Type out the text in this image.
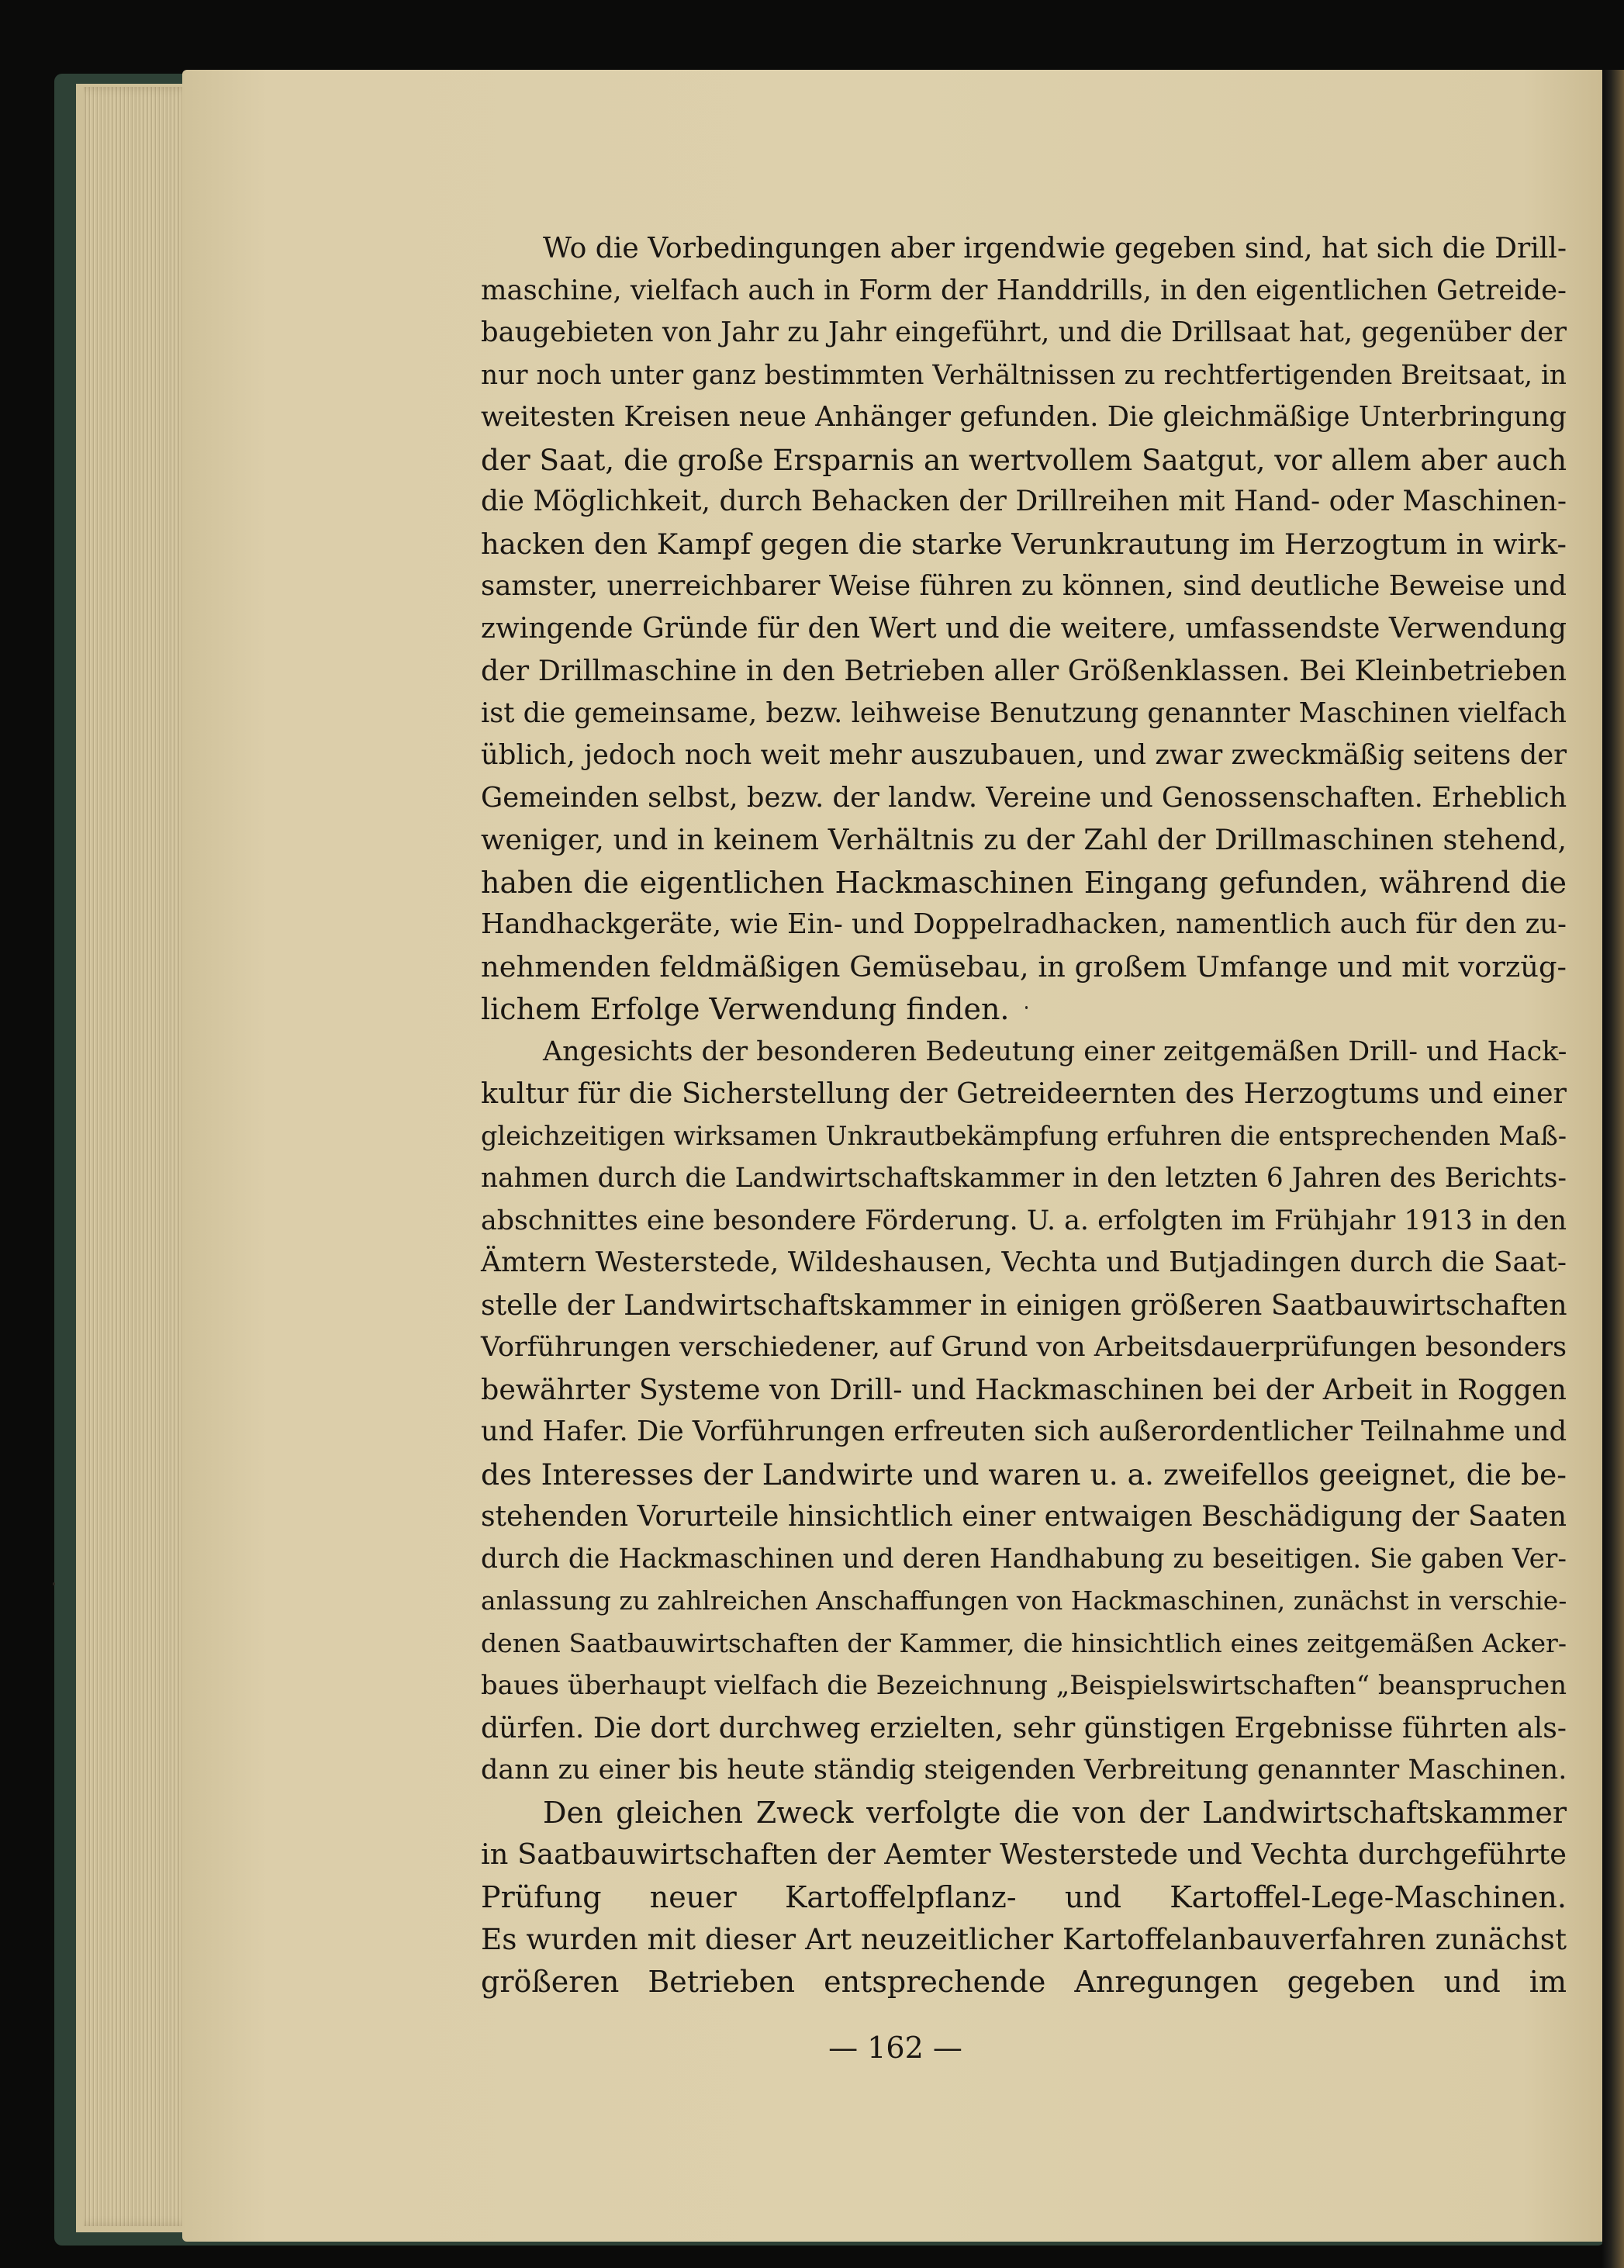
Wo die Vorbedingungen aber irgendwie gegeben sind, hat sich die Drill-
maschine, vielfach auch in Form der Handdrills, in den eigentlichen Getreide-
baugebieten von Jahr zu Jahr eingeführt, und die Drillsaat hat, gegenüber der
nur noch unter ganz bestimmten Verhältnissen zu rechtfertigenden Breitsaat, in
weitesten Kreisen neue Anhänger gefunden. Die gleichmäßige Unterbringung
der Saat, die große Ersparnis an wertvollem Saatgut, vor allem aber auch
die Möglichkeit, durch Behacken der Drillreihen mit Hand- oder Maschinen-
hacken den Kampf gegen die starke Verunkrautung im Herzogtum in wirk-
samster, unerreichbarer Weise führen zu können, sind deutliche Beweise und
zwingende Gründe für den Wert und die weitere, umfassendste Verwendung
der Drillmaschine in den Betrieben aller Größenklassen. Bei Kleinbetrieben
ist die gemeinsame, bezw. leihweise Benutzung genannter Maschinen vielfach
üblich, jedoch noch weit mehr auszubauen, und zwar zweckmäßig seitens der
Gemeinden selbst, bezw. der landw. Vereine und Genossenschaften. Erheblich
weniger, und in keinem Verhältnis zu der Zahl der Drillmaschinen stehend,
haben die eigentlichen Hackmaschinen Eingang gefunden, während die
Handhackgeräte, wie Ein- und Doppelradhacken, namentlich auch für den zu-
nehmenden feldmäßigen Gemüsebau, in großem Umfange und mit vorzüg-
lichem Erfolge Verwendung finden.
Angesichts der besonderen Bedeutung einer zeitgemäßen Drill- und Hack-
kultur für die Sicherstellung der Getreideernten des Herzogtums und einer
gleichzeitigen wirksamen Unkrautbekämpfung erfuhren die entsprechenden Maß-
nahmen durch die Landwirtschaftskammer in den letzten 6 Jahren des Berichts-
abschnittes eine besondere Förderung. U. a. erfolgten im Frühjahr 1913 in den
Ämtern Westerstede, Wildeshausen, Vechta und Butjadingen durch die Saat-
stelle der Landwirtschaftskammer in einigen größeren Saatbauwirtschaften
Vorführungen verschiedener, auf Grund von Arbeitsdauerprüfungen besonders
bewährter Systeme von Drill- und Hackmaschinen bei der Arbeit in Roggen
und Hafer. Die Vorführungen erfreuten sich außerordentlicher Teilnahme und
des Interesses der Landwirte und waren u. a. zweifellos geeignet, die be-
stehenden Vorurteile hinsichtlich einer entwaigen Beschädigung der Saaten
durch die Hackmaschinen und deren Handhabung zu beseitigen. Sie gaben Ver-
anlassung zu zahlreichen Anschaffungen von Hackmaschinen, zunächst in verschie-
denen Saatbauwirtschaften der Kammer, die hinsichtlich eines zeitgemäßen Acker-
baues überhaupt vielfach die Bezeichnung „Beispielswirtschaften“ beanspruchen
dürfen. Die dort durchweg erzielten, sehr günstigen Ergebnisse führten als-
dann zu einer bis heute ständig steigenden Verbreitung genannter Maschinen.
Den gleichen Zweck verfolgte die von der Landwirtschaftskammer
in Saatbauwirtschaften der Aemter Westerstede und Vechta durchgeführte
Prüfung neuer Kartoffelpflanz- und Kartoffel-Lege-Maschinen.
Es wurden mit dieser Art neuzeitlicher Kartoffelanbauverfahren zunächst
größeren Betrieben entsprechende Anregungen gegeben und im
— 162 —
